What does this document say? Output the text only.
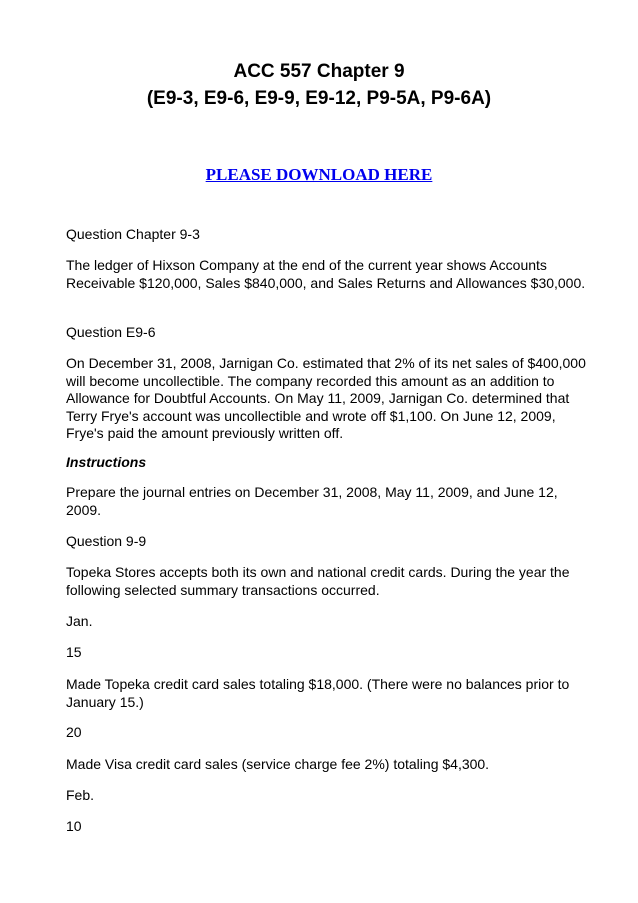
ACC 557 Chapter 9
(E9-3, E9-6, E9-9, E9-12, P9-5A, P9-6A)
PLEASE DOWNLOAD HERE
Question Chapter 9-3
The ledger of Hixson Company at the end of the current year shows Accounts Receivable $120,000, Sales $840,000, and Sales Returns and Allowances $30,000.
Question E9-6
On December 31, 2008, Jarnigan Co. estimated that 2% of its net sales of $400,000 will become uncollectible. The company recorded this amount as an addition to Allowance for Doubtful Accounts. On May 11, 2009, Jarnigan Co. determined that Terry Frye's account was uncollectible and wrote off $1,100. On June 12, 2009, Frye's paid the amount previously written off.
Instructions
Prepare the journal entries on December 31, 2008, May 11, 2009, and June 12, 2009.
Question 9-9
Topeka Stores accepts both its own and national credit cards. During the year the following selected summary transactions occurred.
Jan.
15
Made Topeka credit card sales totaling $18,000. (There were no balances prior to January 15.)
20
Made Visa credit card sales (service charge fee 2%) totaling $4,300.
Feb.
10
